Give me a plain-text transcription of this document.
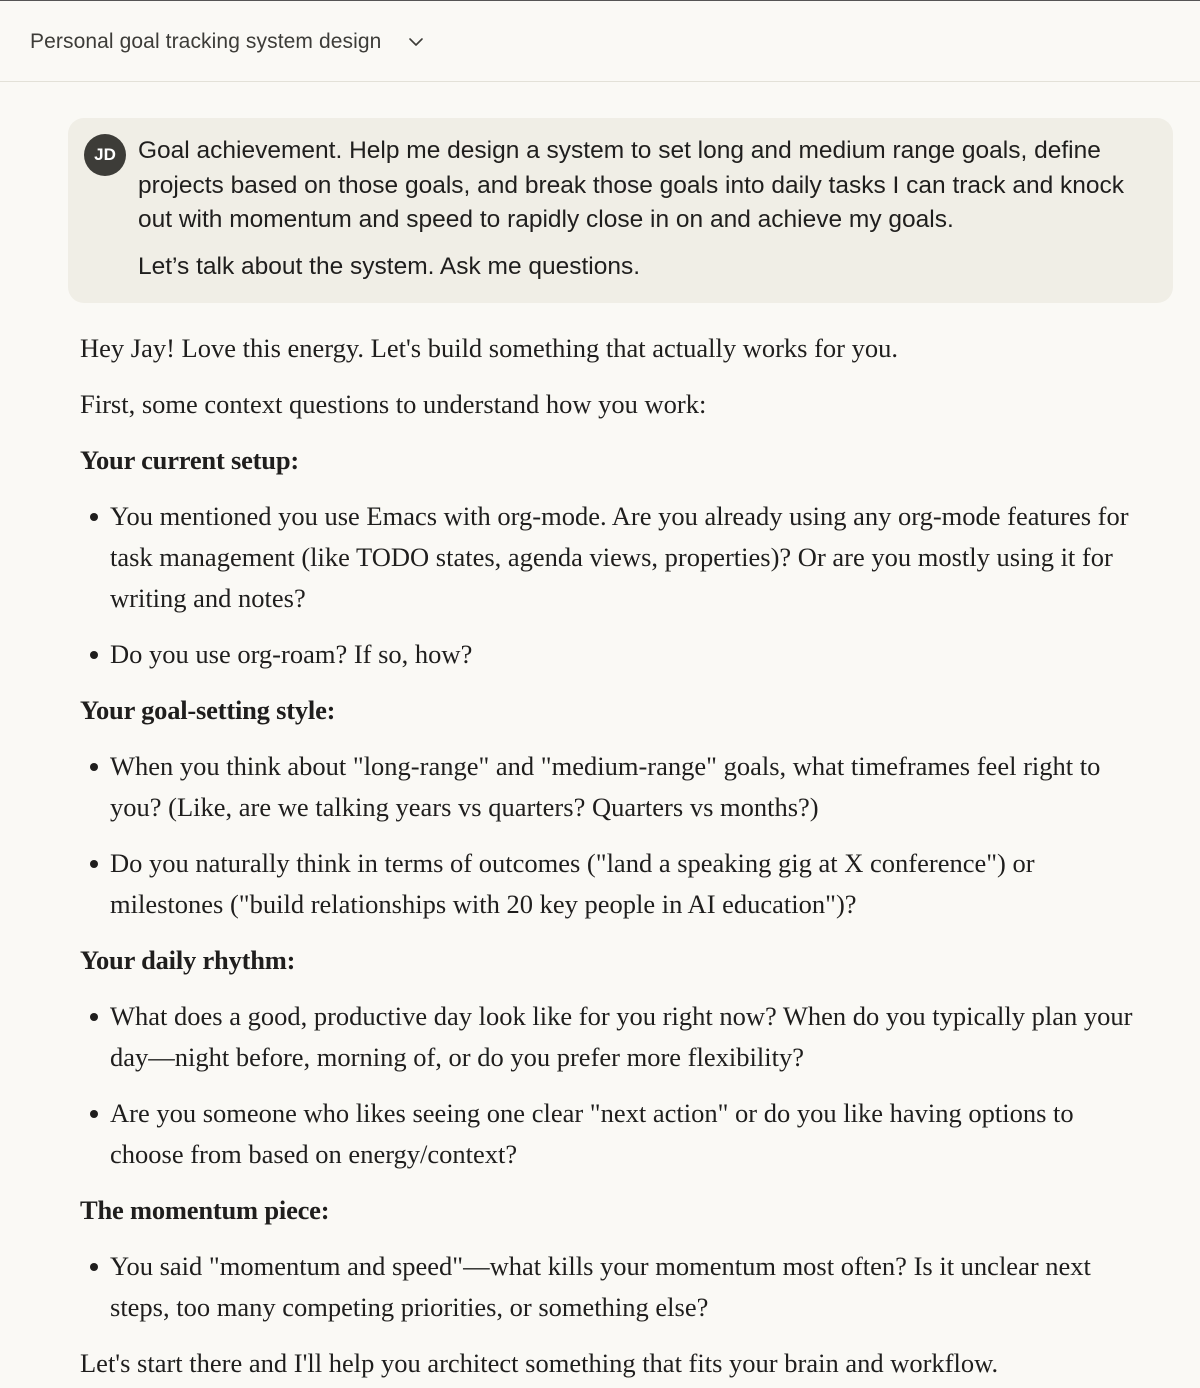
Personal goal tracking system design
JD Goal achievement. Help me design a system to set long and medium range goals, define projects based on those goals, and break those goals into daily tasks I can track and knock out with momentum and speed to rapidly close in on and achieve my goals.

Let’s talk about the system. Ask me questions.

Hey Jay! Love this energy. Let's build something that actually works for you.

First, some context questions to understand how you work:

Your current setup:

You mentioned you use Emacs with org-mode. Are you already using any org-mode features for task management (like TODO states, agenda views, properties)? Or are you mostly using it for writing and notes?
Do you use org-roam? If so, how?

Your goal-setting style:

When you think about "long-range" and "medium-range" goals, what timeframes feel right to you? (Like, are we talking years vs quarters? Quarters vs months?)
Do you naturally think in terms of outcomes ("land a speaking gig at X conference") or milestones ("build relationships with 20 key people in AI education")?

Your daily rhythm:

What does a good, productive day look like for you right now? When do you typically plan your day—night before, morning of, or do you prefer more flexibility?
Are you someone who likes seeing one clear "next action" or do you like having options to choose from based on energy/context?

The momentum piece:

You said "momentum and speed"—what kills your momentum most often? Is it unclear next steps, too many competing priorities, or something else?

Let's start there and I'll help you architect something that fits your brain and workflow.
